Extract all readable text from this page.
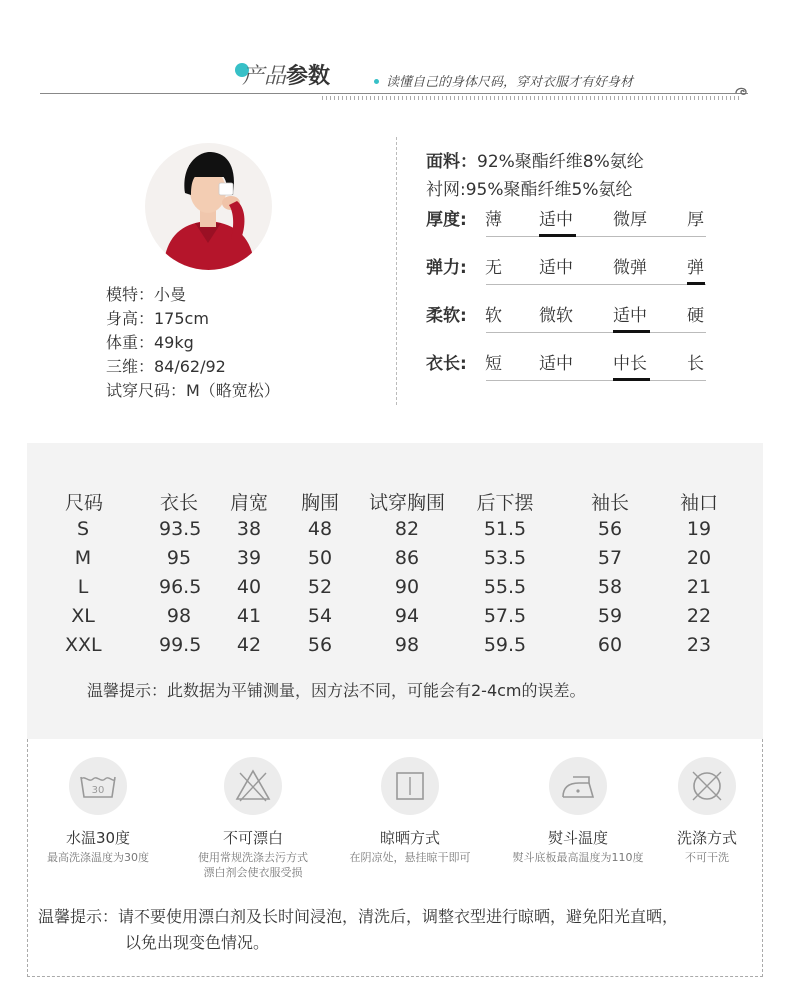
产品参数	读懂自己的身体尺码，穿对衣服才有好身材
模特：小曼
身高：175cm
体重：49kg
三维：84/62/92
试穿尺码：M（略宽松）
面料：92%聚酯纤维8%氨纶
衬网:95%聚酯纤维5%氨纶
厚度: 薄 适中 微厚 厚
弹力: 无 适中 微弹 弹
柔软: 软 微软 适中 硬
衣长: 短 适中 中长 长
尺码	衣长 肩宽 胸围 试穿胸围 后下摆	袖长	袖口
S	93.5	38	48	82	51.5	56	19
M	95	39	50	86	53.5	57	20
L	96.5	40	52	90	55.5	58	21
XL	98	41	54	94	57.5	59	22
XXL	99.5	42	56	98	59.5	60	23
温馨提示：此数据为平铺测量，因方法不同，可能会有2-4cm的误差。
30
水温30度
最高洗涤温度为30度
不可漂白
使用常规洗涤去污方式
漂白剂会使衣服受损
晾晒方式
在阴凉处，悬挂晾干即可
熨斗温度
熨斗底板最高温度为110度
洗涤方式
不可干洗
温馨提示：请不要使用漂白剂及长时间浸泡，清洗后，调整衣型进行晾晒，避免阳光直晒，
以免出现变色情况。
